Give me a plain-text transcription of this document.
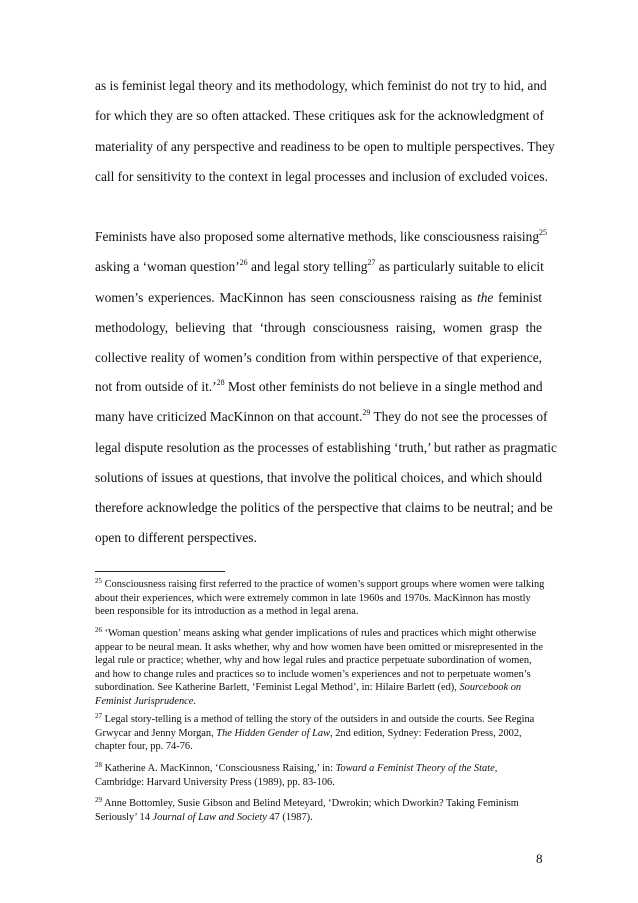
as is feminist legal theory and its methodology, which feminist do not try to hid, and
for which they are so often attacked. These critiques ask for the acknowledgment of
materiality of any perspective and readiness to be open to multiple perspectives. They
call for sensitivity to the context in legal processes and inclusion of excluded voices.
Feminists have also proposed some alternative methods, like consciousness raising$^{25}$
asking a ‘woman question’$^{26}$ and legal story telling$^{27}$ as particularly suitable to elicit
women’s experiences. MacKinnon has seen consciousness raising as the feminist
methodology, believing that ‘through consciousness raising, women grasp the
collective reality of women’s condition from within perspective of that experience,
not from outside of it.’$^{28}$ Most other feminists do not believe in a single method and
many have criticized MacKinnon on that account.$^{29}$ They do not see the processes of
legal dispute resolution as the processes of establishing ‘truth,’ but rather as pragmatic
solutions of issues at questions, that involve the political choices, and which should
therefore acknowledge the politics of the perspective that claims to be neutral; and be
open to different perspectives.
$^{25}$ Consciousness raising first referred to the practice of women’s support groups where women were talking about their experiences, which were extremely common in late 1960s and 1970s. MacKinnon has mostly been responsible for its introduction as a method in legal arena.
$^{26}$ ‘Woman question’ means asking what gender implications of rules and practices which might otherwise appear to be neural mean. It asks whether, why and how women have been omitted or misrepresented in the legal rule or practice; whether, why and how legal rules and practice perpetuate subordination of women, and how to change rules and practices so to include women’s experiences and not to perpetuate women’s subordination. See Katherine Barlett, ‘Feminist Legal Method’, in: Hilaire Barlett (ed), Sourcebook on Feminist Jurisprudence.
$^{27}$ Legal story-telling is a method of telling the story of the outsiders in and outside the courts. See Regina Grwycar and Jenny Morgan, The Hidden Gender of Law, 2nd edition, Sydney: Federation Press, 2002, chapter four, pp. 74-76.
$^{28}$ Katherine A. MacKinnon, ‘Consciousness Raising,’ in: Toward a Feminist Theory of the State, Cambridge: Harvard University Press (1989), pp. 83-106.
$^{29}$ Anne Bottomley, Susie Gibson and Belind Meteyard, ‘Dwrokin; which Dworkin? Taking Feminism Seriously’ 14 Journal of Law and Society 47 (1987).
8
